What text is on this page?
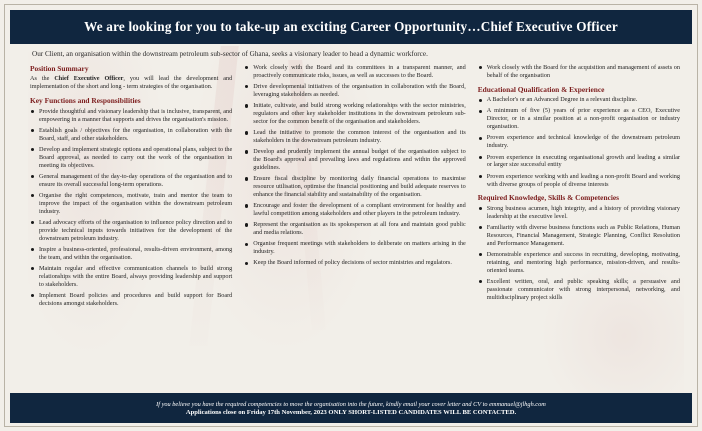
We are looking for you to take-up an exciting Career Opportunity…Chief Executive Officer
Our Client, an organisation within the downstream petroleum sub-sector of Ghana, seeks a visionary leader to head a dynamic workforce.
Position Summary

As the Chief Executive Officer, you will lead the development and implementation of the short and long - term strategies of the organisation.

Key Functions and Responsibilities
Provide thoughtful and visionary leadership that is inclusive, transparent, and empowering in a manner that supports and drives the organisation's mission.
Establish goals / objectives for the organisation, in collaboration with the Board, staff, and other stakeholders.
Develop and implement strategic options and operational plans, subject to the Board approval, as needed to carry out the work of the organisation in meeting its objectives.
General management of the day-to-day operations of the organisation and to ensure its overall successful long-term operations.
Organise the right competences, motivate, train and mentor the team to improve the impact of the organisation within the downstream petroleum industry.
Lead advocacy efforts of the organisation to influence policy direction and to provide technical inputs towards initiatives for the development of the downstream petroleum industry.
Inspire a business-oriented, professional, results-driven environment, among the team, and within the organisation.
Maintain regular and effective communication channels to build strong relationships with the entire Board, always providing leadership and support to stakeholders.
Implement Board policies and procedures and build support for Board decisions amongst stakeholders.
Work closely with the Board and its committees in a transparent manner, and proactively communicate risks, issues, as well as successes to the Board.
Drive developmental initiatives of the organisation in collaboration with the Board, leveraging stakeholders as needed.
Initiate, cultivate, and build strong working relationships with the sector ministries, regulators and other key stakeholder institutions in the downstream petroleum sub-sector for the common benefit of the organisation and stakeholders.
Lead the initiative to promote the common interest of the organisation and its stakeholders in the downstream petroleum industry.
Develop and prudently implement the annual budget of the organisation subject to the Board's approval and prevailing laws and regulations and within the approved guidelines.
Ensure fiscal discipline by monitoring daily financial operations to maximise resource utilisation, optimise the financial positioning and build adequate reserves to enhance the financial stability and sustainability of the organisation.
Encourage and foster the development of a compliant environment for healthy and lawful competition among stakeholders and other players in the petroleum industry.
Represent the organisation as its spokesperson at all fora and maintain good public and media relations.
Organise frequent meetings with stakeholders to deliberate on matters arising in the industry.
Keep the Board informed of policy decisions of sector ministries and regulators.
Work closely with the Board for the acquisition and management of assets on behalf of the organisation
Educational Qualification & Experience
A Bachelor's or an Advanced Degree in a relevant discipline.
A minimum of five (5) years of prior experience as a CEO, Executive Director, or in a similar position at a non-profit organisation or industry organisation.
Proven experience and technical knowledge of the downstream petroleum industry.
Proven experience in executing organisational growth and leading a similar or larger size successful entity
Proven experience working with and leading a non-profit Board and working with diverse groups of people of diverse interests
Required Knowledge, Skills & Competencies
Strong business acumen, high integrity, and a history of providing visionary leadership at the executive level.
Familiarity with diverse business functions such as Public Relations, Human Resources, Financial Management, Strategic Planning, Conflict Resolution and Performance Management.
Demonstrable experience and success in recruiting, developing, motivating, retaining, and mentoring high performance, mission-driven, and results-oriented teams.
Excellent written, oral, and public speaking skills; a persuasive and passionate communicator with strong interpersonal, networking, and multidisciplinary project skills
If you believe you have the required competencies to move the organisation into the future, kindly email your cover letter and CV to emmanuel@jlhgh.com
Applications close on Friday 17th November, 2023 ONLY SHORT-LISTED CANDIDATES WILL BE CONTACTED.
